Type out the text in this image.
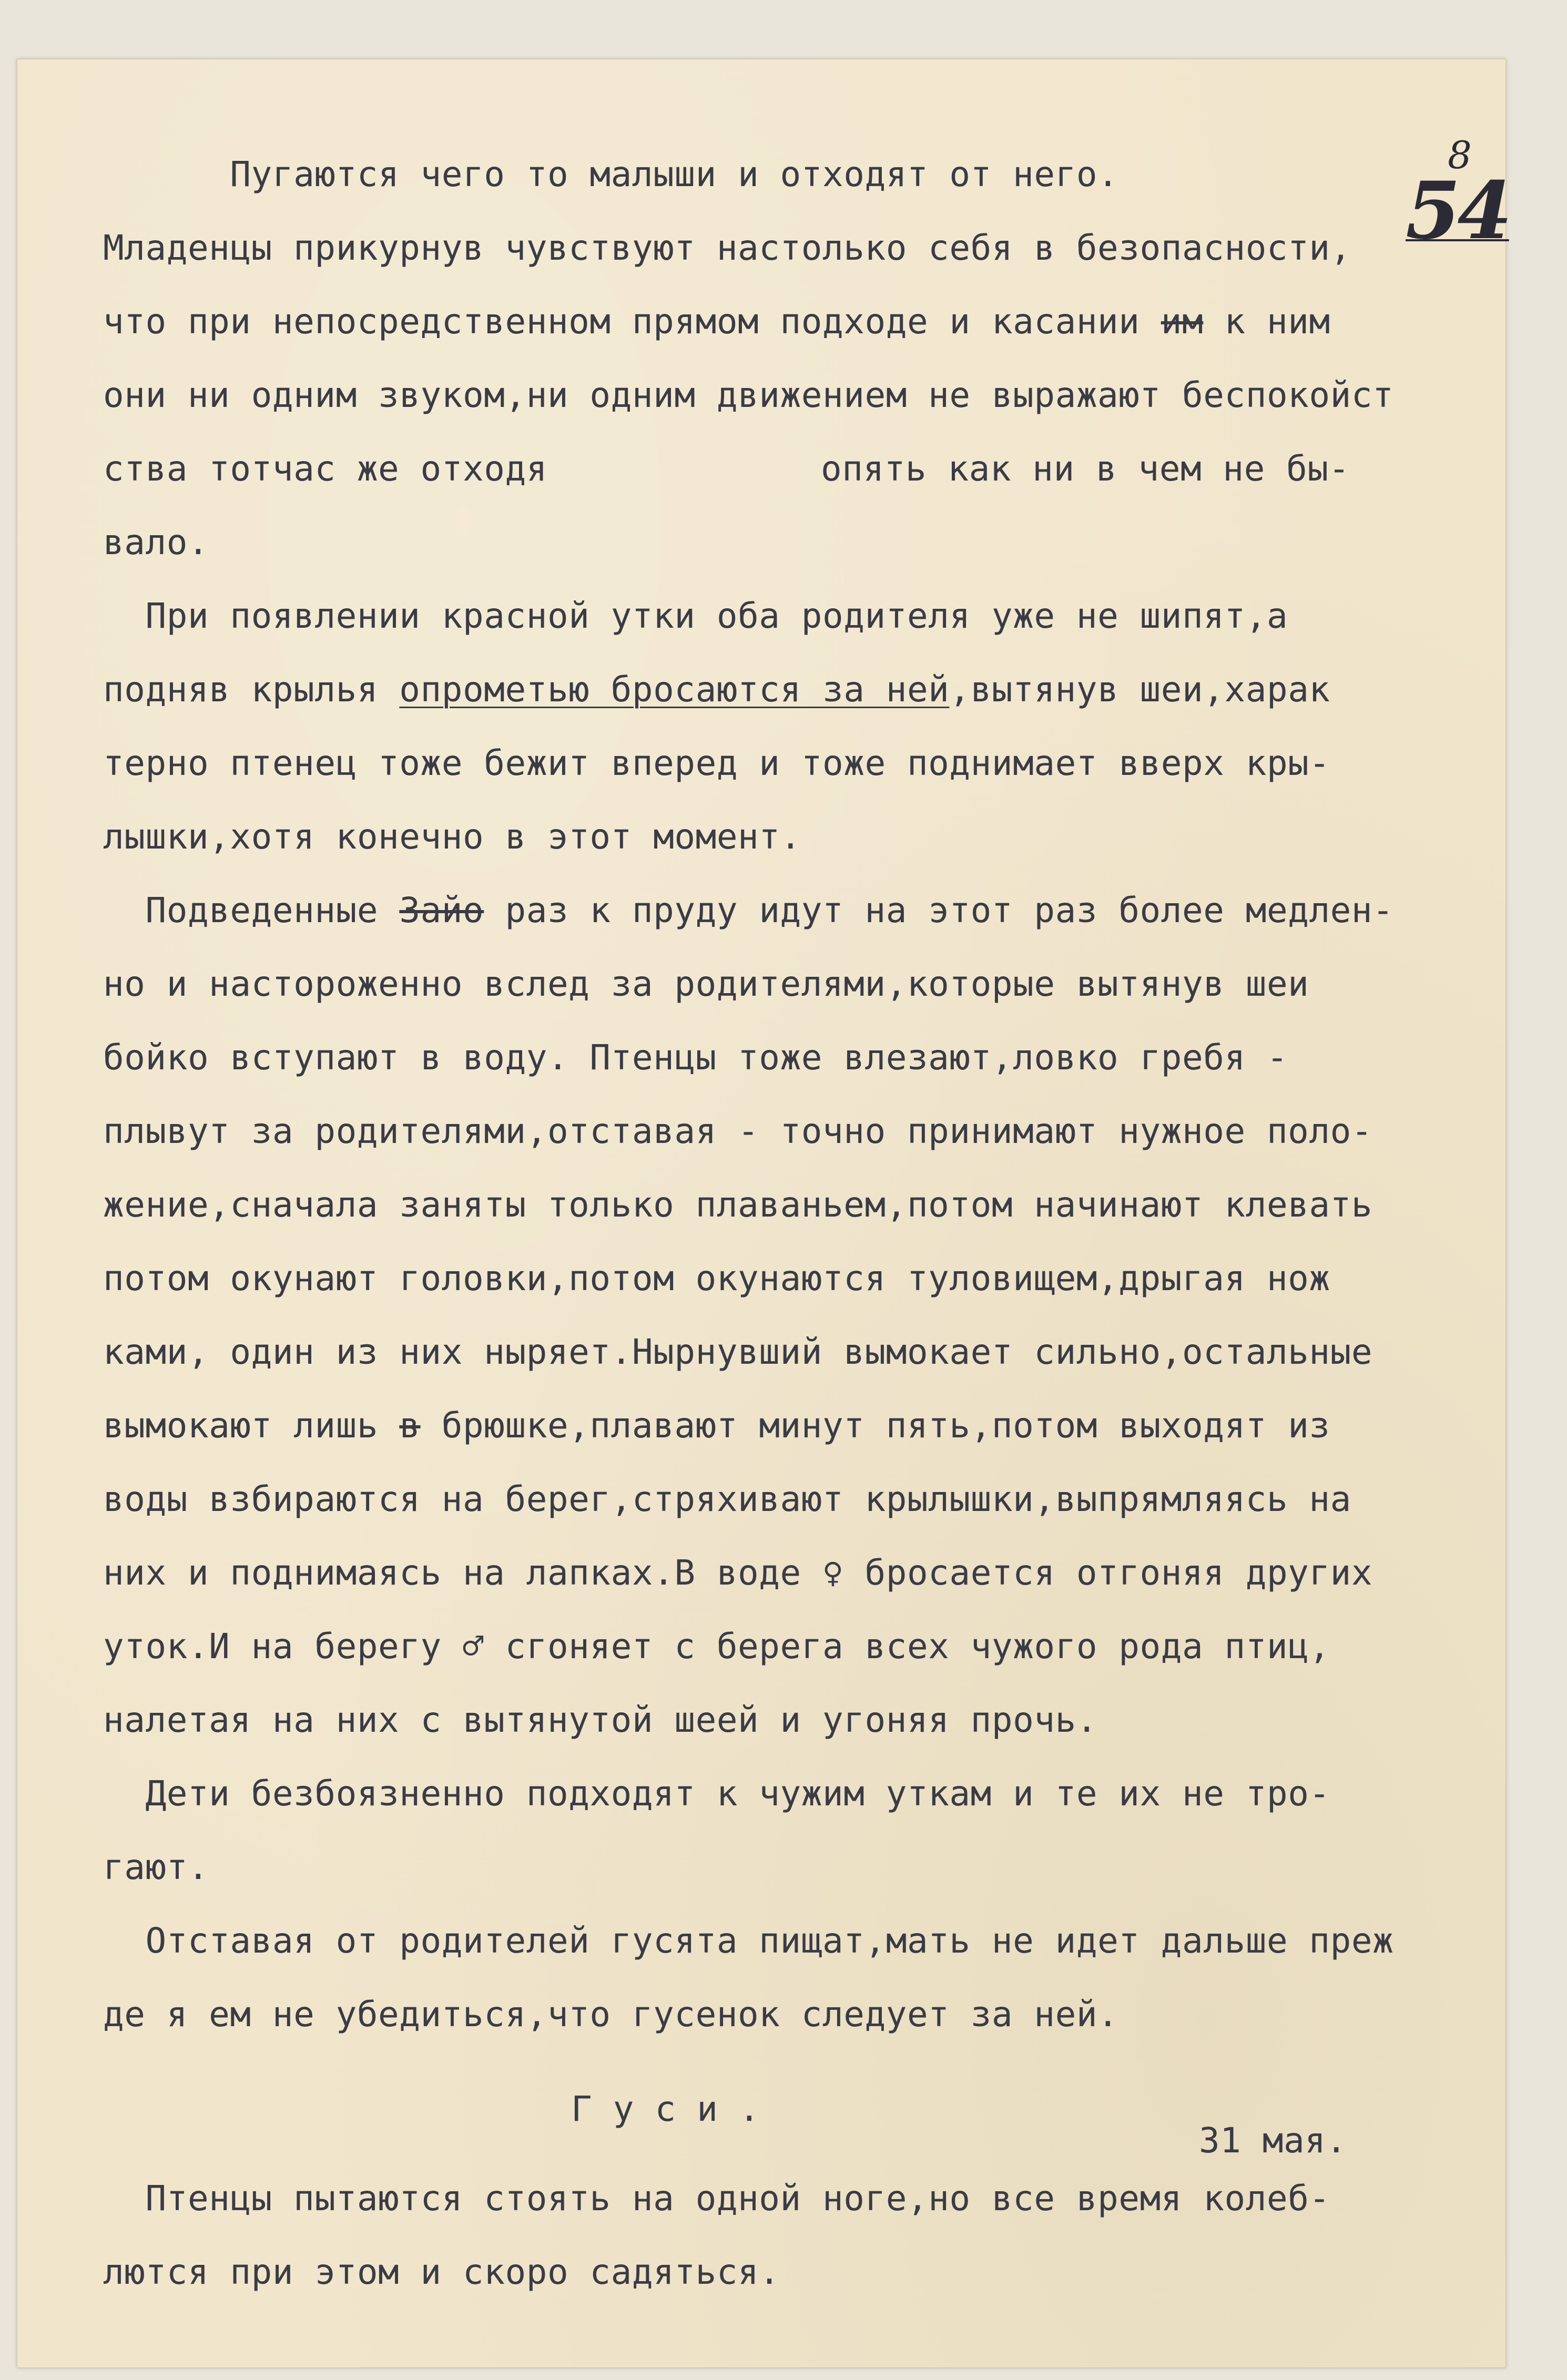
8
54
Пугаются чего то малыши и отходят от него.
Младенцы прикурнув чувствуют настолько себя в безопасности,
что при непосредственном прямом подходе и касании им к ним
они ни одним звуком,ни одним движением не выражают беспокойст
ства тотчас же отходя	опять как ни в чем не бы-
вало.
При появлении красной утки оба родителя уже не шипят,а
подняв крылья опрометью бросаются за ней,вытянув шеи,харак
терно птенец тоже бежит вперед и тоже поднимает вверх кры-
лышки,хотя конечно в этот момент.
Подведенные Зайо раз к пруду идут на этот раз более медлен-
но и настороженно вслед за родителями,которые вытянув шеи
бойко вступают в воду. Птенцы тоже влезают,ловко гребя -
плывут за родителями,отставая - точно принимают нужное поло-
жение,сначала заняты только плаваньем,потом начинают клевать
потом окунают головки,потом окунаются туловищем,дрыгая нож
ками, один из них ныряет.Нырнувший вымокает сильно,остальные
вымокают лишь в брюшке,плавают минут пять,потом выходят из
воды взбираются на берег,стряхивают крылышки,выпрямляясь на
них и поднимаясь на лапках.В воде ♀ бросается отгоняя других
уток.И на берегу ♂ сгоняет с берега всех чужого рода птиц,
налетая на них с вытянутой шеей и угоняя прочь.
Дети безбоязненно подходят к чужим уткам и те их не тро-
гают.
Отставая от родителей гусята пищат,мать не идет дальше преж
де я ем не убедиться,что гусенок следует за ней.
Гуси.
31 мая.
Птенцы пытаются стоять на одной ноге,но все время колеб-
лются при этом и скоро садяться.
